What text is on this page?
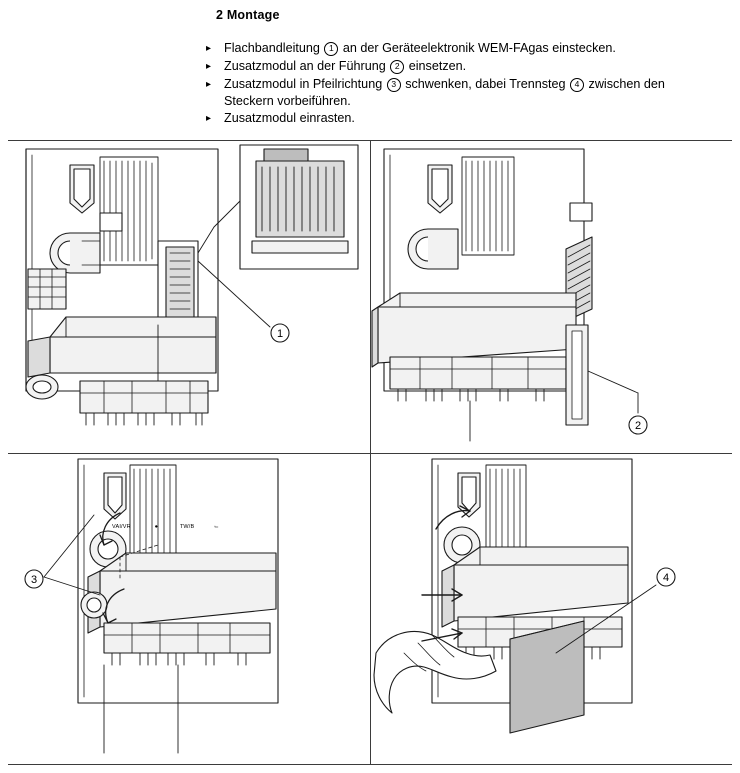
2 Montage
▸	Flachbandleitung 1 an der Geräteelektronik WEM-FAgas einstecken.
▸	Zusatzmodul an der Führung 2 einsetzen.
▸	Zusatzmodul in Pfeilrichtung 3 schwenken, dabei Trennsteg 4 zwischen den Steckern vorbeiführen.
▸	Zusatzmodul einrasten.
1
2
3	4
VAI/VR	●	TW/B	⌙
